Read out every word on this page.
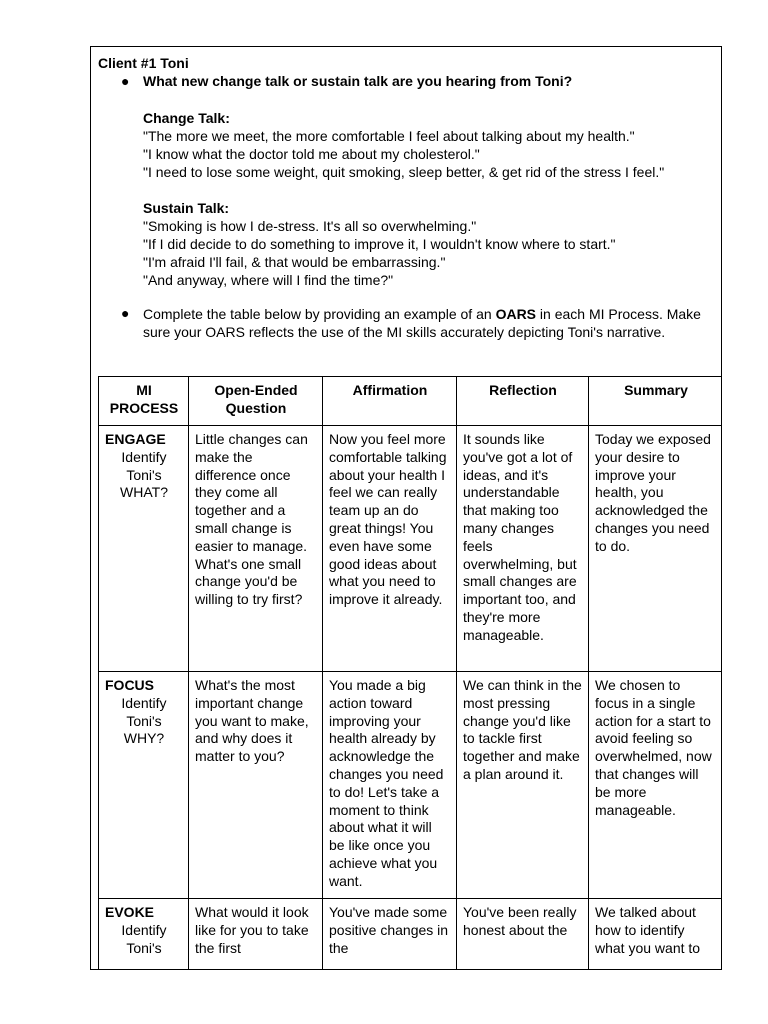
Client #1 Toni
● What new change talk or sustain talk are you hearing from Toni?
Change Talk:
"The more we meet, the more comfortable I feel about talking about my health."
"I know what the doctor told me about my cholesterol."
"I need to lose some weight, quit smoking, sleep better, & get rid of the stress I feel."
Sustain Talk:
"Smoking is how I de-stress. It's all so overwhelming."
"If I did decide to do something to improve it, I wouldn't know where to start."
"I'm afraid I'll fail, & that would be embarrassing."
"And anyway, where will I find the time?"
● Complete the table below by providing an example of an OARS in each MI Process. Make sure your OARS reflects the use of the MI skills accurately depicting Toni's narrative.
MI PROCESS	Open-Ended Question	Affirmation	Reflection	Summary

ENGAGE
Identify Toni's WHAT?	Little changes can make the difference once they come all together and a small change is easier to manage. What's one small change you'd be willing to try first?	Now you feel more comfortable talking about your health I feel we can really team up an do great things! You even have some good ideas about what you need to improve it already.	It sounds like you've got a lot of ideas, and it's understandable that making too many changes feels overwhelming, but small changes are important too, and they're more manageable.	Today we exposed your desire to improve your health, you acknowledged the changes you need to do.

FOCUS
Identify Toni's WHY?	What's the most important change you want to make, and why does it matter to you?	You made a big action toward improving your health already by acknowledge the changes you need to do! Let's take a moment to think about what it will be like once you achieve what you want.	We can think in the most pressing change you'd like to tackle first together and make a plan around it.	We chosen to focus in a single action for a start to avoid feeling so overwhelmed, now that changes will be more manageable.

EVOKE
Identify Toni's	What would it look like for you to take the first	You've made some positive changes in the	You've been really honest about the	We talked about how to identify what you want to
